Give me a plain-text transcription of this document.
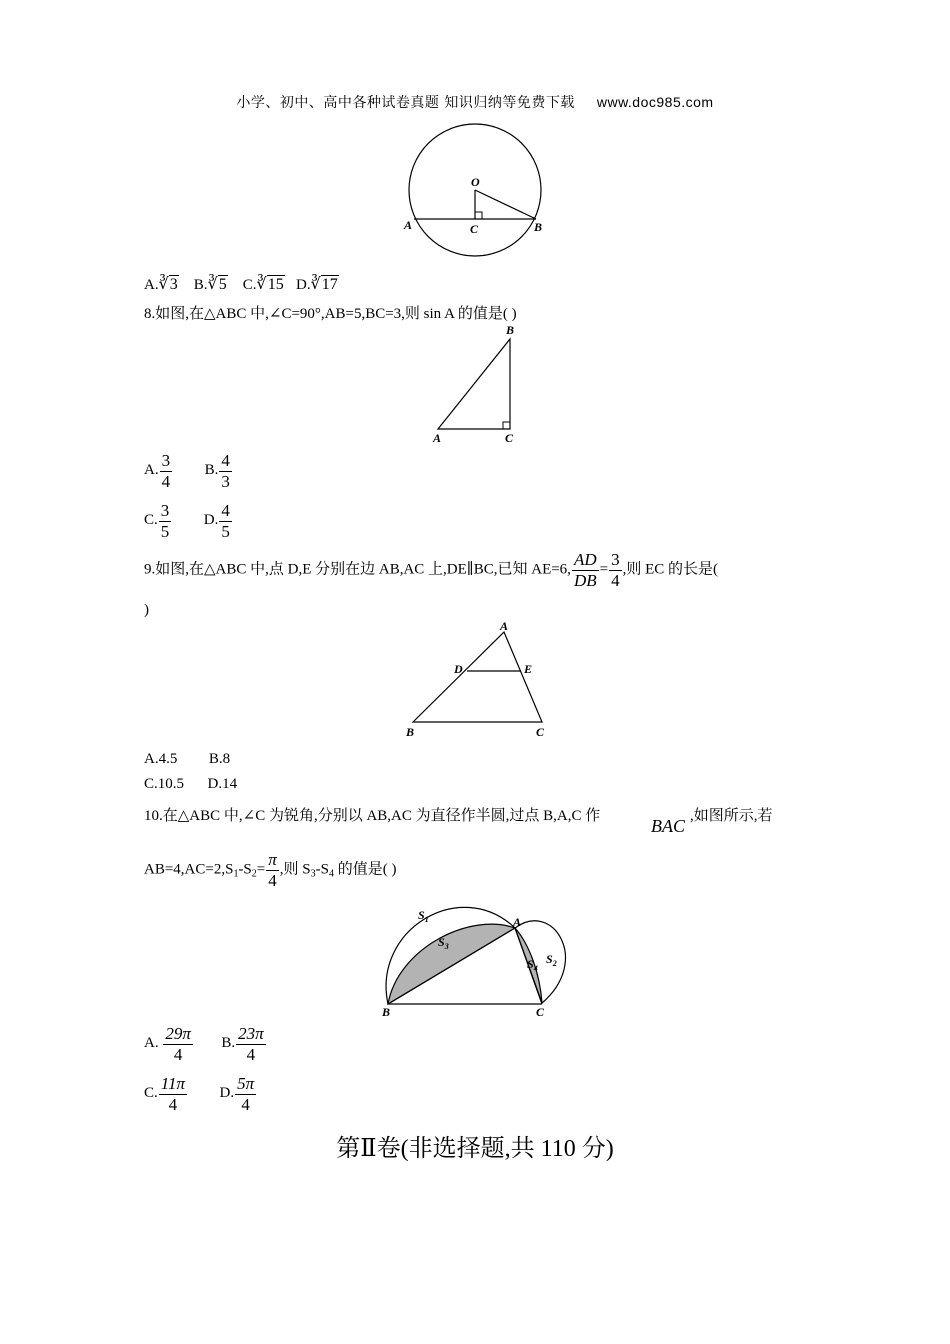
小学、初中、高中各种试卷真题 知识归纳等免费下载 www.doc985.com
O
A	C	B
A.∛3 B.∛5 C.∛15 D.∛17
8.如图,在△ABC 中,∠C=90°,AB=5,BC=3,则 sin A 的值是( )
B
A	C
A. $\frac{3}{4} B$. $\frac{4}{3}$
C. $\frac{3}{5} D$. $\frac{4}{5}$
9.如图,在△ABC 中,点 D,E 分别在边 AB,AC 上,DE∥BC,已知 AE=6, $\frac{AD}{DB} = \frac{3}{4}$ ,则 EC 的长是(
)
A
D	E
B	C
A.4.5 B.8
C.10.5 D.14
10.在△ABC 中,∠C 为锐角,分别以 AB,AC 为直径作半圆,过点 B,A,C 作	BAC ,如图所示,若
$AB=4,AC=2,S_1-S_2= \frac{\pi}{4}$ ,则 $S_3-S_4$ 的值是( )
A
B	C
$S_1$
$S_3$
$S_4$
$S_2$
A. $\frac{29\pi}{4} B$. $\frac{23\pi}{4}$
C. $\frac{11\pi}{4} D$. $\frac{5\pi}{4}$
第Ⅱ卷(非选择题,共 110 分)
